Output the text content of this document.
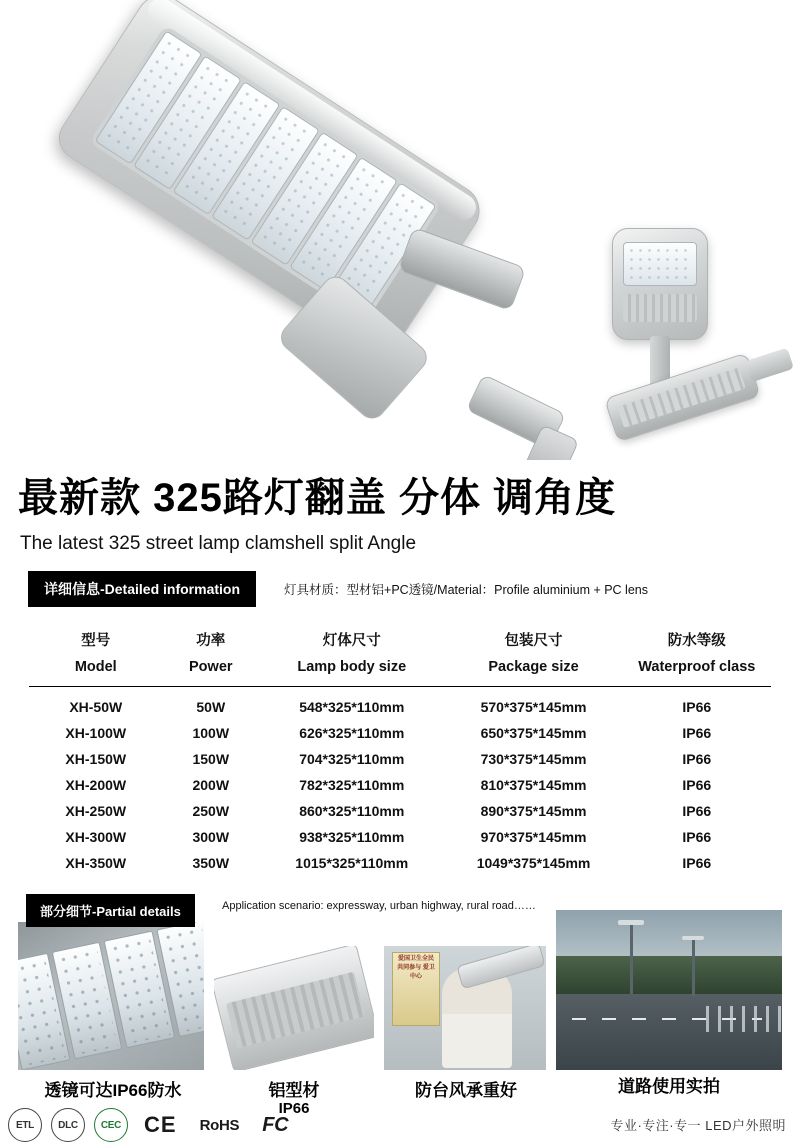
最新款 325路灯翻盖 分体 调角度
The latest 325 street lamp clamshell split Angle
详细信息-Detailed information	灯具材质：型材铝+PC透镜/Material：Profile aluminium + PC lens
型号	功率	灯体尺寸	包装尺寸	防水等级
Model	Power	Lamp body size	Package size	Waterproof class
XH-50W	50W	548*325*110mm	570*375*145mm	IP66
XH-100W	100W	626*325*110mm	650*375*145mm	IP66
XH-150W	150W	704*325*110mm	730*375*145mm	IP66
XH-200W	200W	782*325*110mm	810*375*145mm	IP66
XH-250W	250W	860*325*110mm	890*375*145mm	IP66
XH-300W	300W	938*325*110mm	970*375*145mm	IP66
XH-350W	350W	1015*325*110mm	1049*375*145mm	IP66
部分细节-Partial details	Application scenario: expressway, urban highway, rural road……
爱国卫生全民 共同参与 爱卫中心
透镜可达IP66防水	铝型材
IP66
防台风承重好	道路使用实拍
ETL	DLC	CEC	CE	RoHS	FC	专业·专注·专一 LED户外照明
